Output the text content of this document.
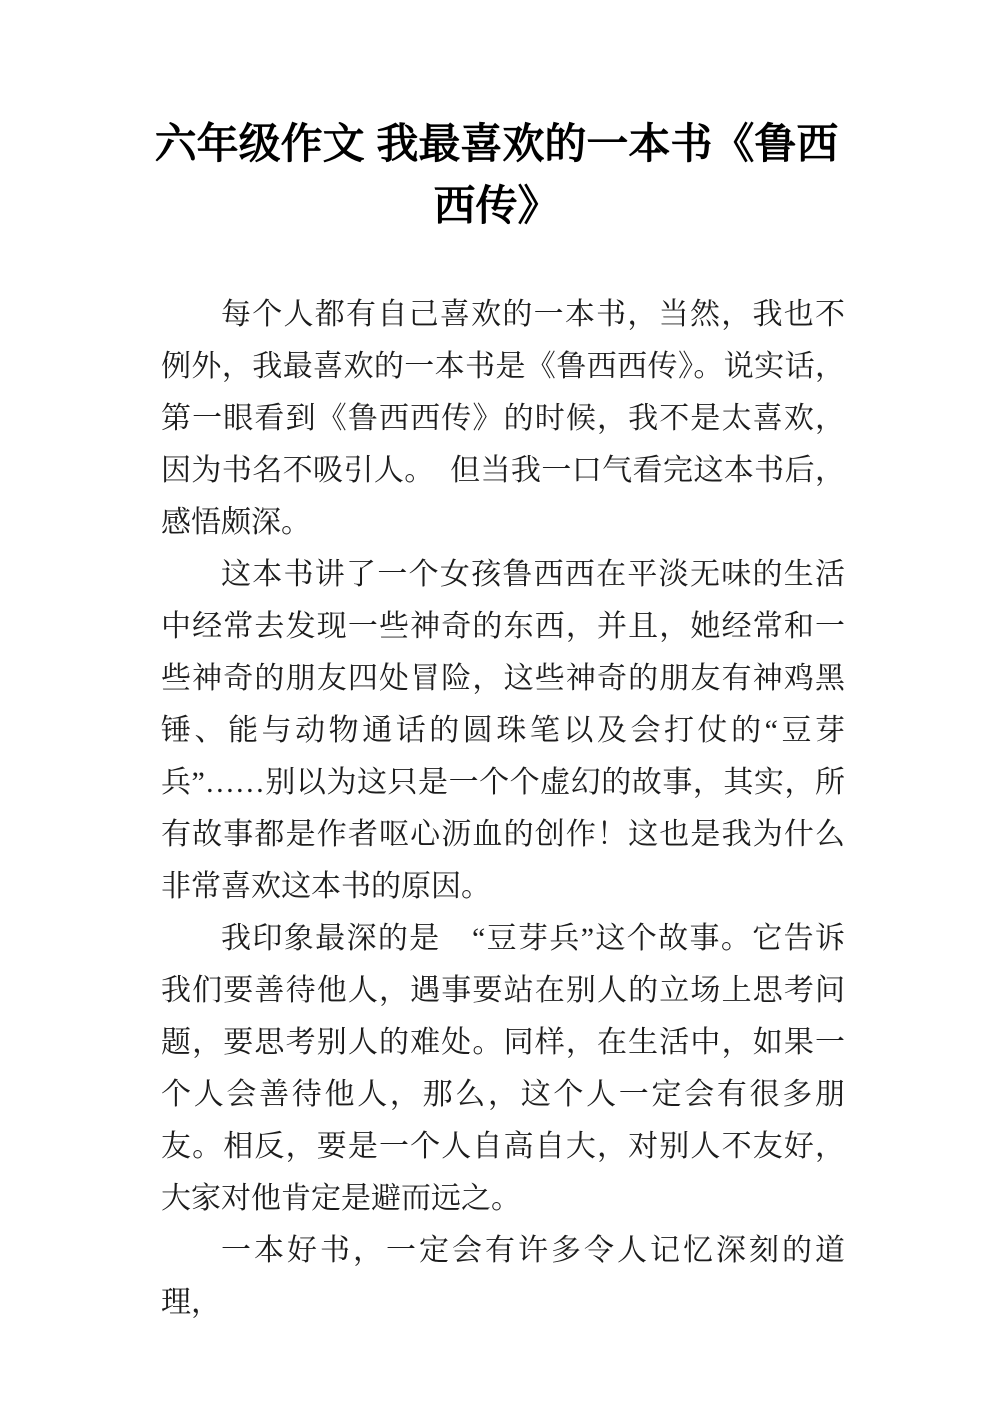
六年级作文 我最喜欢的一本书《鲁西西传》

每个人都有自己喜欢的一本书，当然，我也不例外，我最喜欢的一本书是《鲁西西传》。说实话，第一眼看到《鲁西西传》的时候，我不是太喜欢，因为书名不吸引人。　但当我一口气看完这本书后，感悟颇深。

这本书讲了一个女孩鲁西西在平淡无味的生活中经常去发现一些神奇的东西，并且，她经常和一些神奇的朋友四处冒险，这些神奇的朋友有神鸡黑锤、能与动物通话的圆珠笔以及会打仗的“豆芽兵”……别以为这只是一个个虚幻的故事，其实，所有故事都是作者呕心沥血的创作！这也是我为什么非常喜欢这本书的原因。

我印象最深的是　“豆芽兵”这个故事。它告诉我们要善待他人，遇事要站在别人的立场上思考问题，要思考别人的难处。同样，在生活中，如果一个人会善待他人，那么，这个人一定会有很多朋友。相反，要是一个人自高自大，对别人不友好，大家对他肯定是避而远之。

一本好书，一定会有许多令人记忆深刻的道理，
